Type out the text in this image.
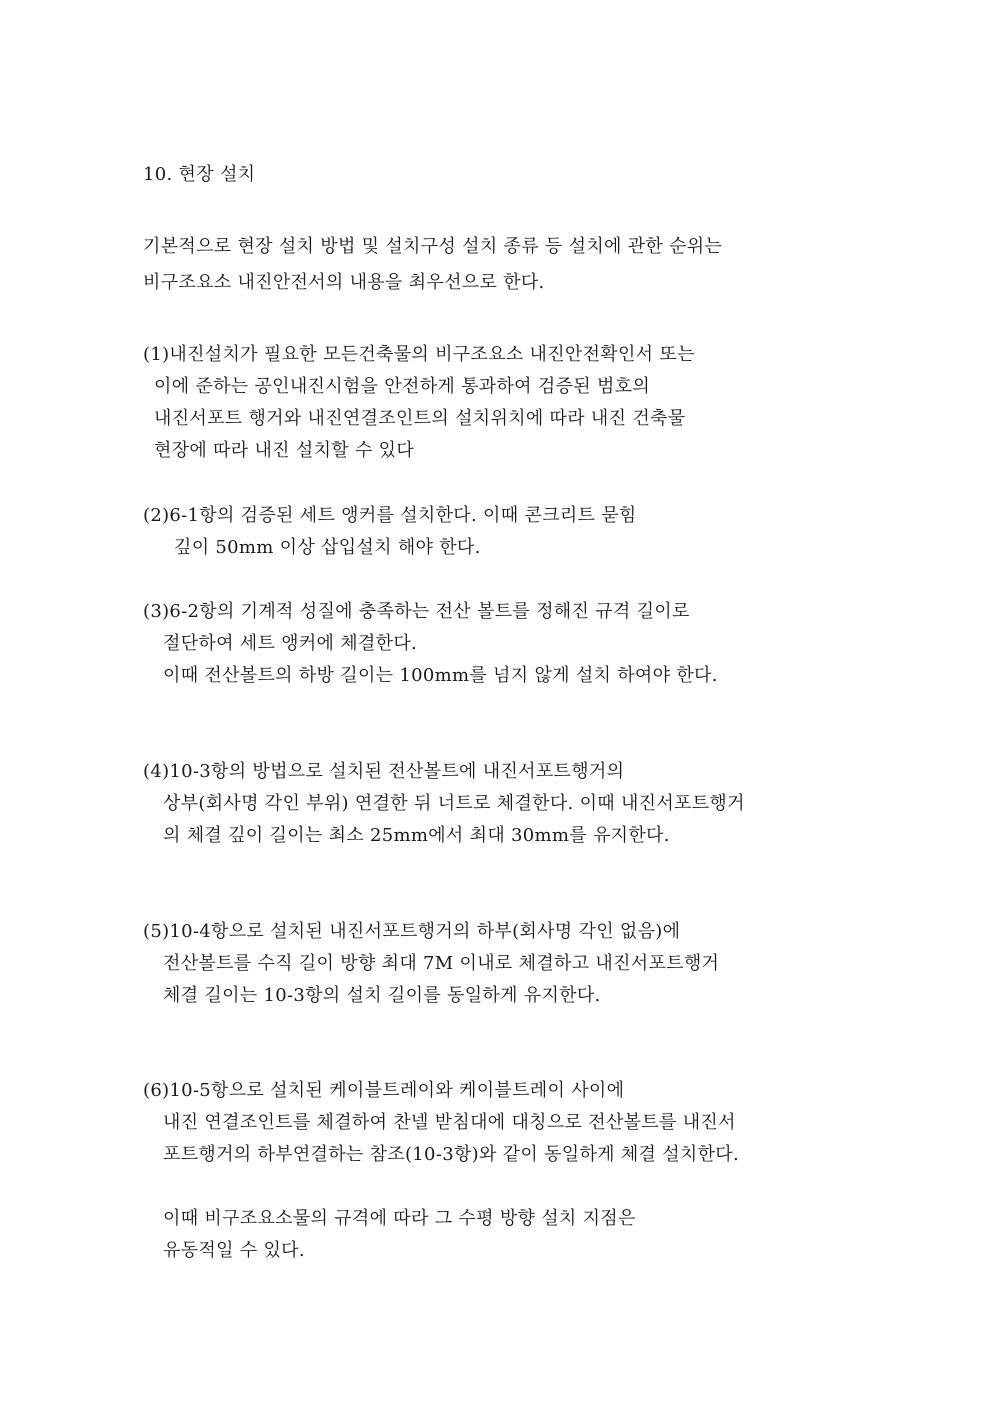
10. 현장 설치
기본적으로 현장 설치 방법 및 설치구성 설치 종류 등 설치에 관한 순위는
비구조요소 내진안전서의 내용을 최우선으로 한다.
(1)내진설치가 필요한 모든건축물의 비구조요소 내진안전확인서 또는
이에 준하는 공인내진시험을 안전하게 통과하여 검증된 범호의
내진서포트 행거와 내진연결조인트의 설치위치에 따라 내진 건축물
현장에 따라 내진 설치할 수 있다
(2)6-1항의 검증된 세트 앵커를 설치한다. 이때 콘크리트 묻힘
깊이 50mm 이상 삽입설치 해야 한다.
(3)6-2항의 기계적 성질에 충족하는 전산 볼트를 정해진 규격 길이로
절단하여 세트 앵커에 체결한다.
이때 전산볼트의 하방 길이는 100mm를 넘지 않게 설치 하여야 한다.
(4)10-3항의 방법으로 설치된 전산볼트에 내진서포트행거의
상부(회사명 각인 부위) 연결한 뒤 너트로 체결한다. 이때 내진서포트행거
의 체결 깊이 길이는 최소 25mm에서 최대 30mm를 유지한다.
(5)10-4항으로 설치된 내진서포트행거의 하부(회사명 각인 없음)에
전산볼트를 수직 길이 방향 최대 7M 이내로 체결하고 내진서포트행거
체결 길이는 10-3항의 설치 길이를 동일하게 유지한다.
(6)10-5항으로 설치된 케이블트레이와 케이블트레이 사이에
내진 연결조인트를 체결하여 찬넬 받침대에 대칭으로 전산볼트를 내진서
포트행거의 하부연결하는 참조(10-3항)와 같이 동일하게 체결 설치한다.
이때 비구조요소물의 규격에 따라 그 수평 방향 설치 지점은
유동적일 수 있다.
